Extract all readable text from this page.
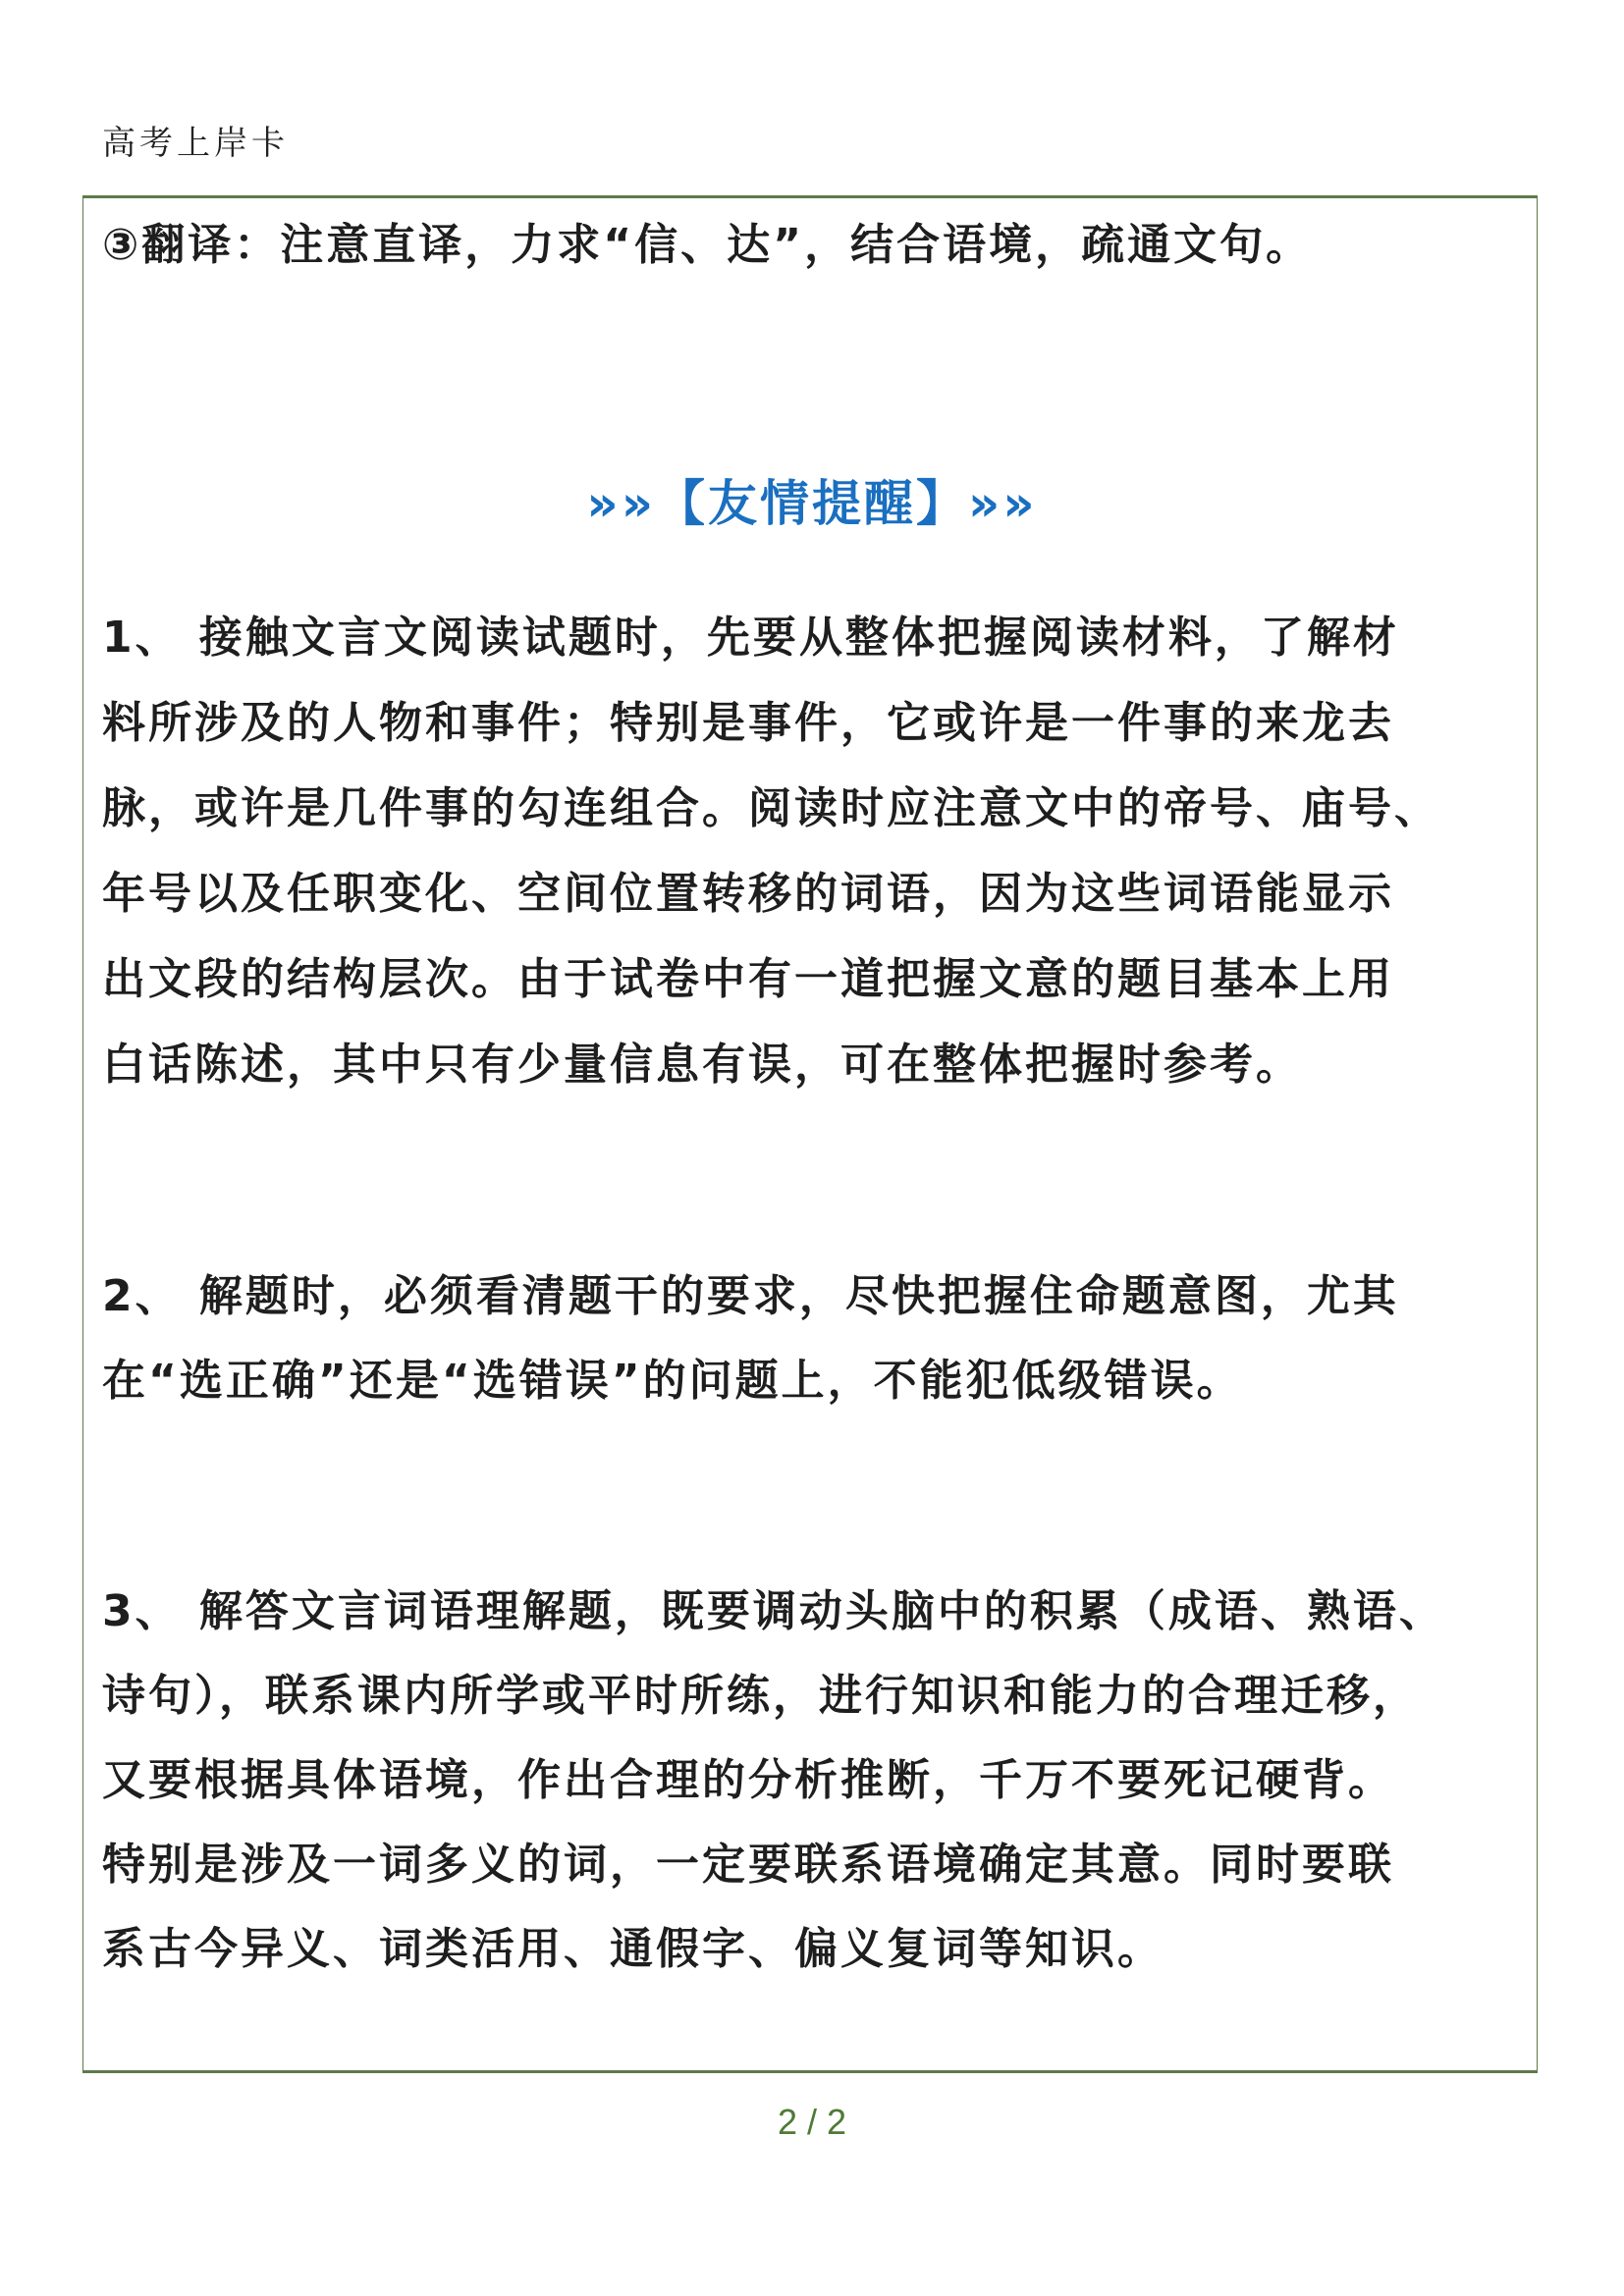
高考上岸卡
③翻译：注意直译，力求“信、达”，结合语境，疏通文句。
»»【友情提醒】»»
1、 接触文言文阅读试题时，先要从整体把握阅读材料，了解材
料所涉及的人物和事件；特别是事件，它或许是一件事的来龙去
脉，或许是几件事的勾连组合。阅读时应注意文中的帝号、庙号、
年号以及任职变化、空间位置转移的词语，因为这些词语能显示
出文段的结构层次。由于试卷中有一道把握文意的题目基本上用
白话陈述，其中只有少量信息有误，可在整体把握时参考。
2、 解题时，必须看清题干的要求，尽快把握住命题意图，尤其
在“选正确”还是“选错误”的问题上，不能犯低级错误。
3、 解答文言词语理解题，既要调动头脑中的积累（成语、熟语、
诗句），联系课内所学或平时所练，进行知识和能力的合理迁移，
又要根据具体语境，作出合理的分析推断，千万不要死记硬背。
特别是涉及一词多义的词，一定要联系语境确定其意。同时要联
系古今异义、词类活用、通假字、偏义复词等知识。
2 / 2
